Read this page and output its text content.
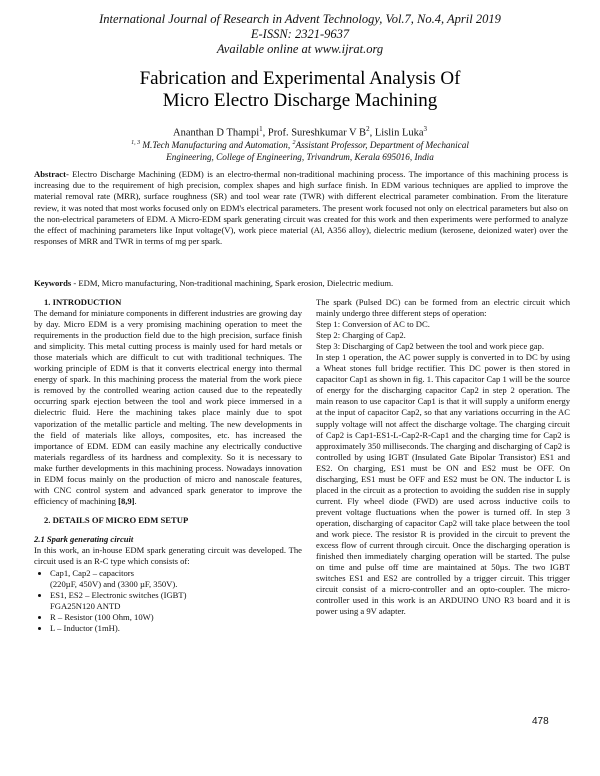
International Journal of Research in Advent Technology, Vol.7, No.4, April 2019
E-ISSN: 2321-9637
Available online at www.ijrat.org
Fabrication and Experimental Analysis Of
Micro Electro Discharge Machining
Ananthan D Thampi$^1$, Prof. Sureshkumar V $B^2$, Lislin Luka$^3$
$^{1, 3}$ M.Tech Manufacturing and Automation, $^2$Assistant Professor, Department of Mechanical
Engineering, College of Engineering, Trivandrum, Kerala 695016, India
Abstract- Electro Discharge Machining (EDM) is an electro-thermal non-traditional machining process. The importance of this machining process is increasing due to the requirement of high precision, complex shapes and high surface finish. In EDM various techniques are applied to improve the material removal rate (MRR), surface roughness (SR) and tool wear rate (TWR) with different electrical parameter combination. From the literature review, it was noted that most works focused only on EDM's electrical parameters. The present work focused not only on electrical parameters but also on the non-electrical parameters of EDM. A Micro-EDM spark generating circuit was created for this work and then experiments were performed to analyze the effect of machining parameters like Input voltage(V), work piece material (Al, A356 alloy), dielectric medium (kerosene, deionized water) over the responses of MRR and TWR in terms of mg per spark.
Keywords - EDM, Micro manufacturing, Non-traditional machining, Spark erosion, Dielectric medium.

1. INTRODUCTION

The demand for miniature components in different industries are growing day by day. Micro EDM is a very promising machining operation to meet the requirements in the production field due to the high precision, surface finish and simplicity. This metal cutting process is mainly used for hard metals or those materials which are difficult to cut with traditional techniques. The working principle of EDM is that it converts electrical energy into thermal energy of spark. In this machining process the material from the work piece is removed by the controlled wearing action caused due to the repeatedly occurring spark ejection between the tool and work piece immersed in a dielectric fluid. Here the machining takes place mainly due to spot vaporization of the metallic particle and melting. The new developments in the field of materials like alloys, composites, etc. has increased the importance of EDM. EDM can easily machine any electrically conductive materials regardless of its hardness and complexity. So it is necessary to make further developments in this machining process. Nowadays innovation in EDM focus mainly on the production of micro and nanoscale features, with CNC control system and advanced spark generator to improve the efficiency of machining [8,9].

2. DETAILS OF MICRO EDM SETUP

2.1 Spark generating circuit

In this work, an in-house EDM spark generating circuit was developed. The circuit used is an R-C type which consists of:

• Cap1, Cap2 – capacitors
(220µF, 450V) and (3300 µF, 350V).
• ES1, ES2 – Electronic switches (IGBT)
FGA25N120 ANTD
• R – Resistor (100 Ohm, 10W)
• L – Inductor (1mH).

The spark (Pulsed DC) can be formed from an electric circuit which mainly undergo three different steps of operation:

Step 1: Conversion of AC to DC.

Step 2: Charging of Cap2.

Step 3: Discharging of Cap2 between the tool and work piece gap.

In step 1 operation, the AC power supply is converted in to DC by using a Wheat stones full bridge rectifier. This DC power is then stored in capacitor Cap1 as shown in fig. 1. This capacitor Cap 1 will be the source of energy for the discharging capacitor Cap2 in step 2 operation. The main reason to use capacitor Cap1 is that it will supply a uniform energy at the input of capacitor Cap2, so that any variations occurring in the AC supply voltage will not affect the discharge voltage. The charging circuit of Cap2 is Cap1-ES1-L-Cap2-R-Cap1 and the charging time for Cap2 is approximately 350 milliseconds. The charging and discharging of Cap2 is controlled by using IGBT (Insulated Gate Bipolar Transistor) ES1 and ES2. On charging, ES1 must be ON and ES2 must be OFF. On discharging, ES1 must be OFF and ES2 must be ON. The inductor L is placed in the circuit as a protection to avoiding the sudden rise in supply current. Fly wheel diode (FWD) are used across inductive coils to prevent voltage fluctuations when the power is turned off. In step 3 operation, discharging of capacitor Cap2 will take place between the tool and work piece. The resistor R is provided in the circuit to prevent the excess flow of current through circuit. Once the discharging operation is finished then immediately charging operation will be started. The pulse on time and pulse off time are maintained at 50µs. The two IGBT switches ES1 and ES2 are controlled by a trigger circuit. This trigger circuit consist of a micro-controller and an opto-coupler. The micro-controller used in this work is an ARDUINO UNO R3 board and it is power using a 9V adapter.

478
